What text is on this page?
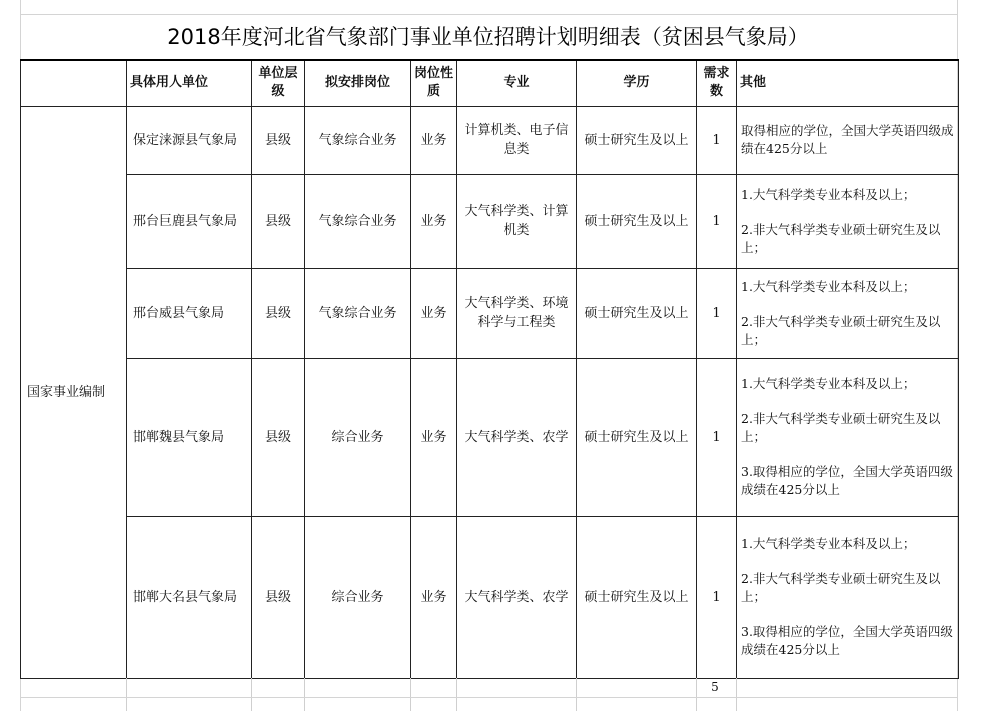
2018年度河北省气象部门事业单位招聘计划明细表（贫困县气象局）
	具体用人单位	单位层级	拟安排岗位	岗位性质	专业	学历	需求数	其他
国家事业编制	保定涞源县气象局	县级	气象综合业务	业务	计算机类、电子信息类	硕士研究生及以上	1	取得相应的学位，全国大学英语四级成绩在425分以上

	邢台巨鹿县气象局	县级	气象综合业务	业务	大气科学类、计算机类	硕士研究生及以上	1	1.大气科学类专业本科及以上；

2.非大气科学类专业硕士研究生及以上；

	邢台威县气象局	县级	气象综合业务	业务	大气科学类、环境科学与工程类	硕士研究生及以上	1	1.大气科学类专业本科及以上；

2.非大气科学类专业硕士研究生及以上；

	邯郸魏县气象局	县级	综合业务	业务	大气科学类、农学	硕士研究生及以上	1	1.大气科学类专业本科及以上；

2.非大气科学类专业硕士研究生及以上；

3.取得相应的学位，全国大学英语四级成绩在425分以上

	邯郸大名县气象局	县级	综合业务	业务	大气科学类、农学	硕士研究生及以上	1	1.大气科学类专业本科及以上；

2.非大气科学类专业硕士研究生及以上；

3.取得相应的学位，全国大学英语四级成绩在425分以上

5
